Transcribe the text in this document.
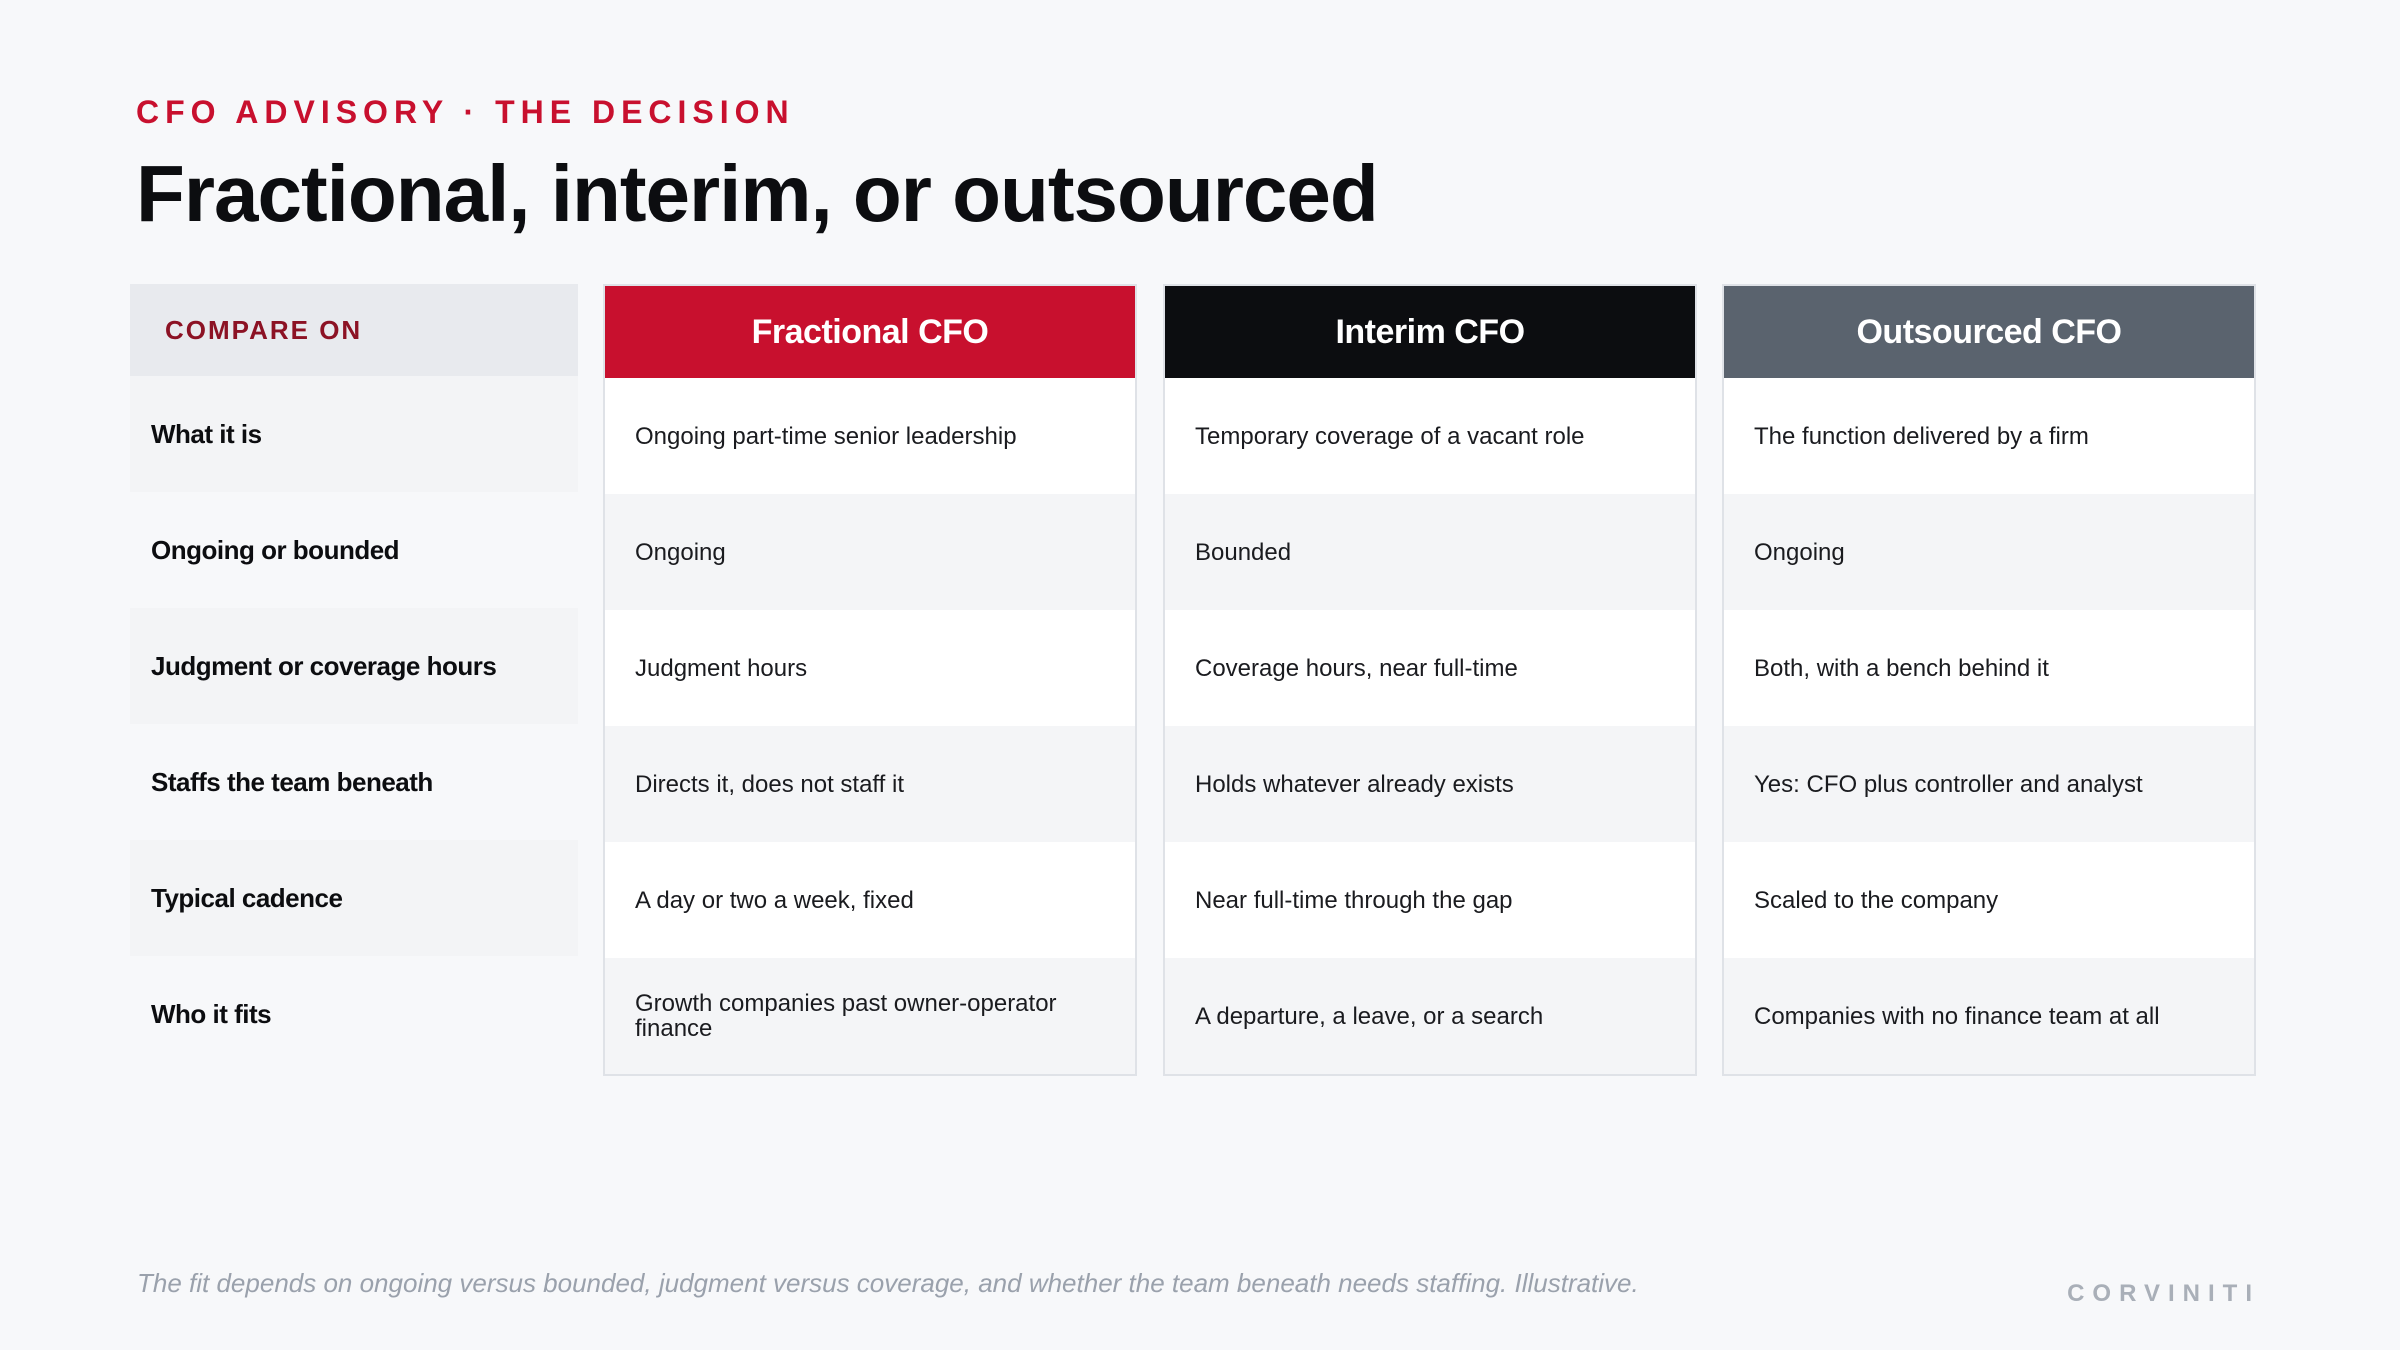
CFO ADVISORY · THE DECISION
Fractional, interim, or outsourced
COMPARE ON
What it is
Ongoing or bounded
Judgment or coverage hours
Staffs the team beneath
Typical cadence
Who it fits
Fractional CFO
Ongoing part-time senior leadership
Ongoing
Judgment hours
Directs it, does not staff it
A day or two a week, fixed
Growth companies past owner-operator finance
Interim CFO
Temporary coverage of a vacant role
Bounded
Coverage hours, near full-time
Holds whatever already exists
Near full-time through the gap
A departure, a leave, or a search
Outsourced CFO
The function delivered by a firm
Ongoing
Both, with a bench behind it
Yes: CFO plus controller and analyst
Scaled to the company
Companies with no finance team at all
The fit depends on ongoing versus bounded, judgment versus coverage, and whether the team beneath needs staffing. Illustrative.	CORVINITI
